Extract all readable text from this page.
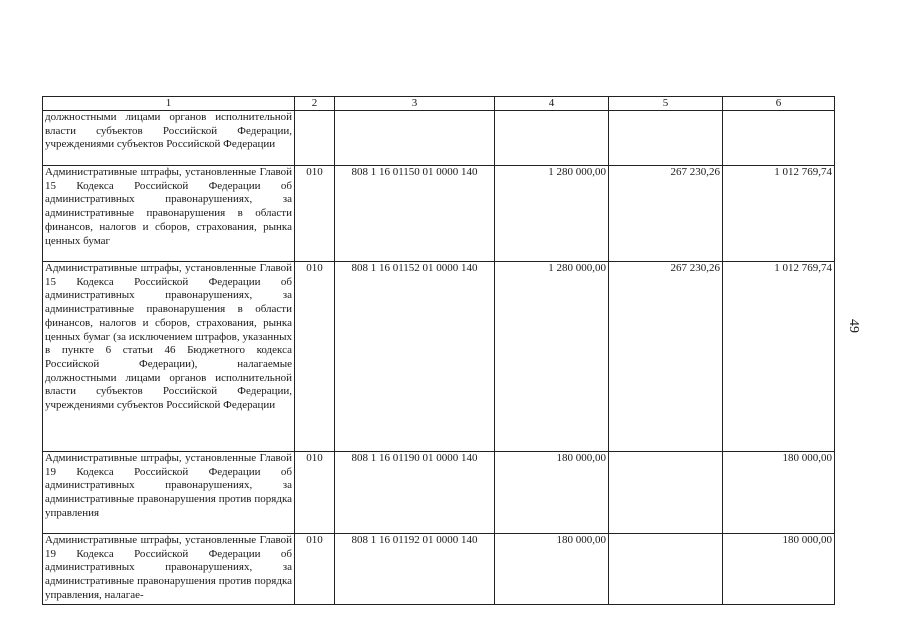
1	2	3	4	5	6
должностными лицами органов исполнительной власти субъектов Российской Федерации, учреждениями субъектов Российской Федерации					
Административные штрафы, установленные Главой 15 Кодекса Российской Федерации об административных правонарушениях, за административные правонарушения в области финансов, налогов и сборов, страхования, рынка ценных бумаг	010	808 1 16 01150 01 0000 140	1 280 000,00	267 230,26	1 012 769,74
Административные штрафы, установленные Главой 15 Кодекса Российской Федерации об административных правонарушениях, за административные правонарушения в области финансов, налогов и сборов, страхования, рынка ценных бумаг (за исключением штрафов, указанных в пункте 6 статьи 46 Бюджетного кодекса Российской Федерации), налагаемые должностными лицами органов исполнительной власти субъектов Российской Федерации, учреждениями субъектов Российской Федерации	010	808 1 16 01152 01 0000 140	1 280 000,00	267 230,26	1 012 769,74
Административные штрафы, установленные Главой 19 Кодекса Российской Федерации об административных правонарушениях, за административные правонарушения против порядка управления	010	808 1 16 01190 01 0000 140	180 000,00		180 000,00
Административные штрафы, установленные Главой 19 Кодекса Российской Федерации об административных правонарушениях, за административные правонарушения против порядка управления, налагае-	010	808 1 16 01192 01 0000 140	180 000,00		180 000,00
49
